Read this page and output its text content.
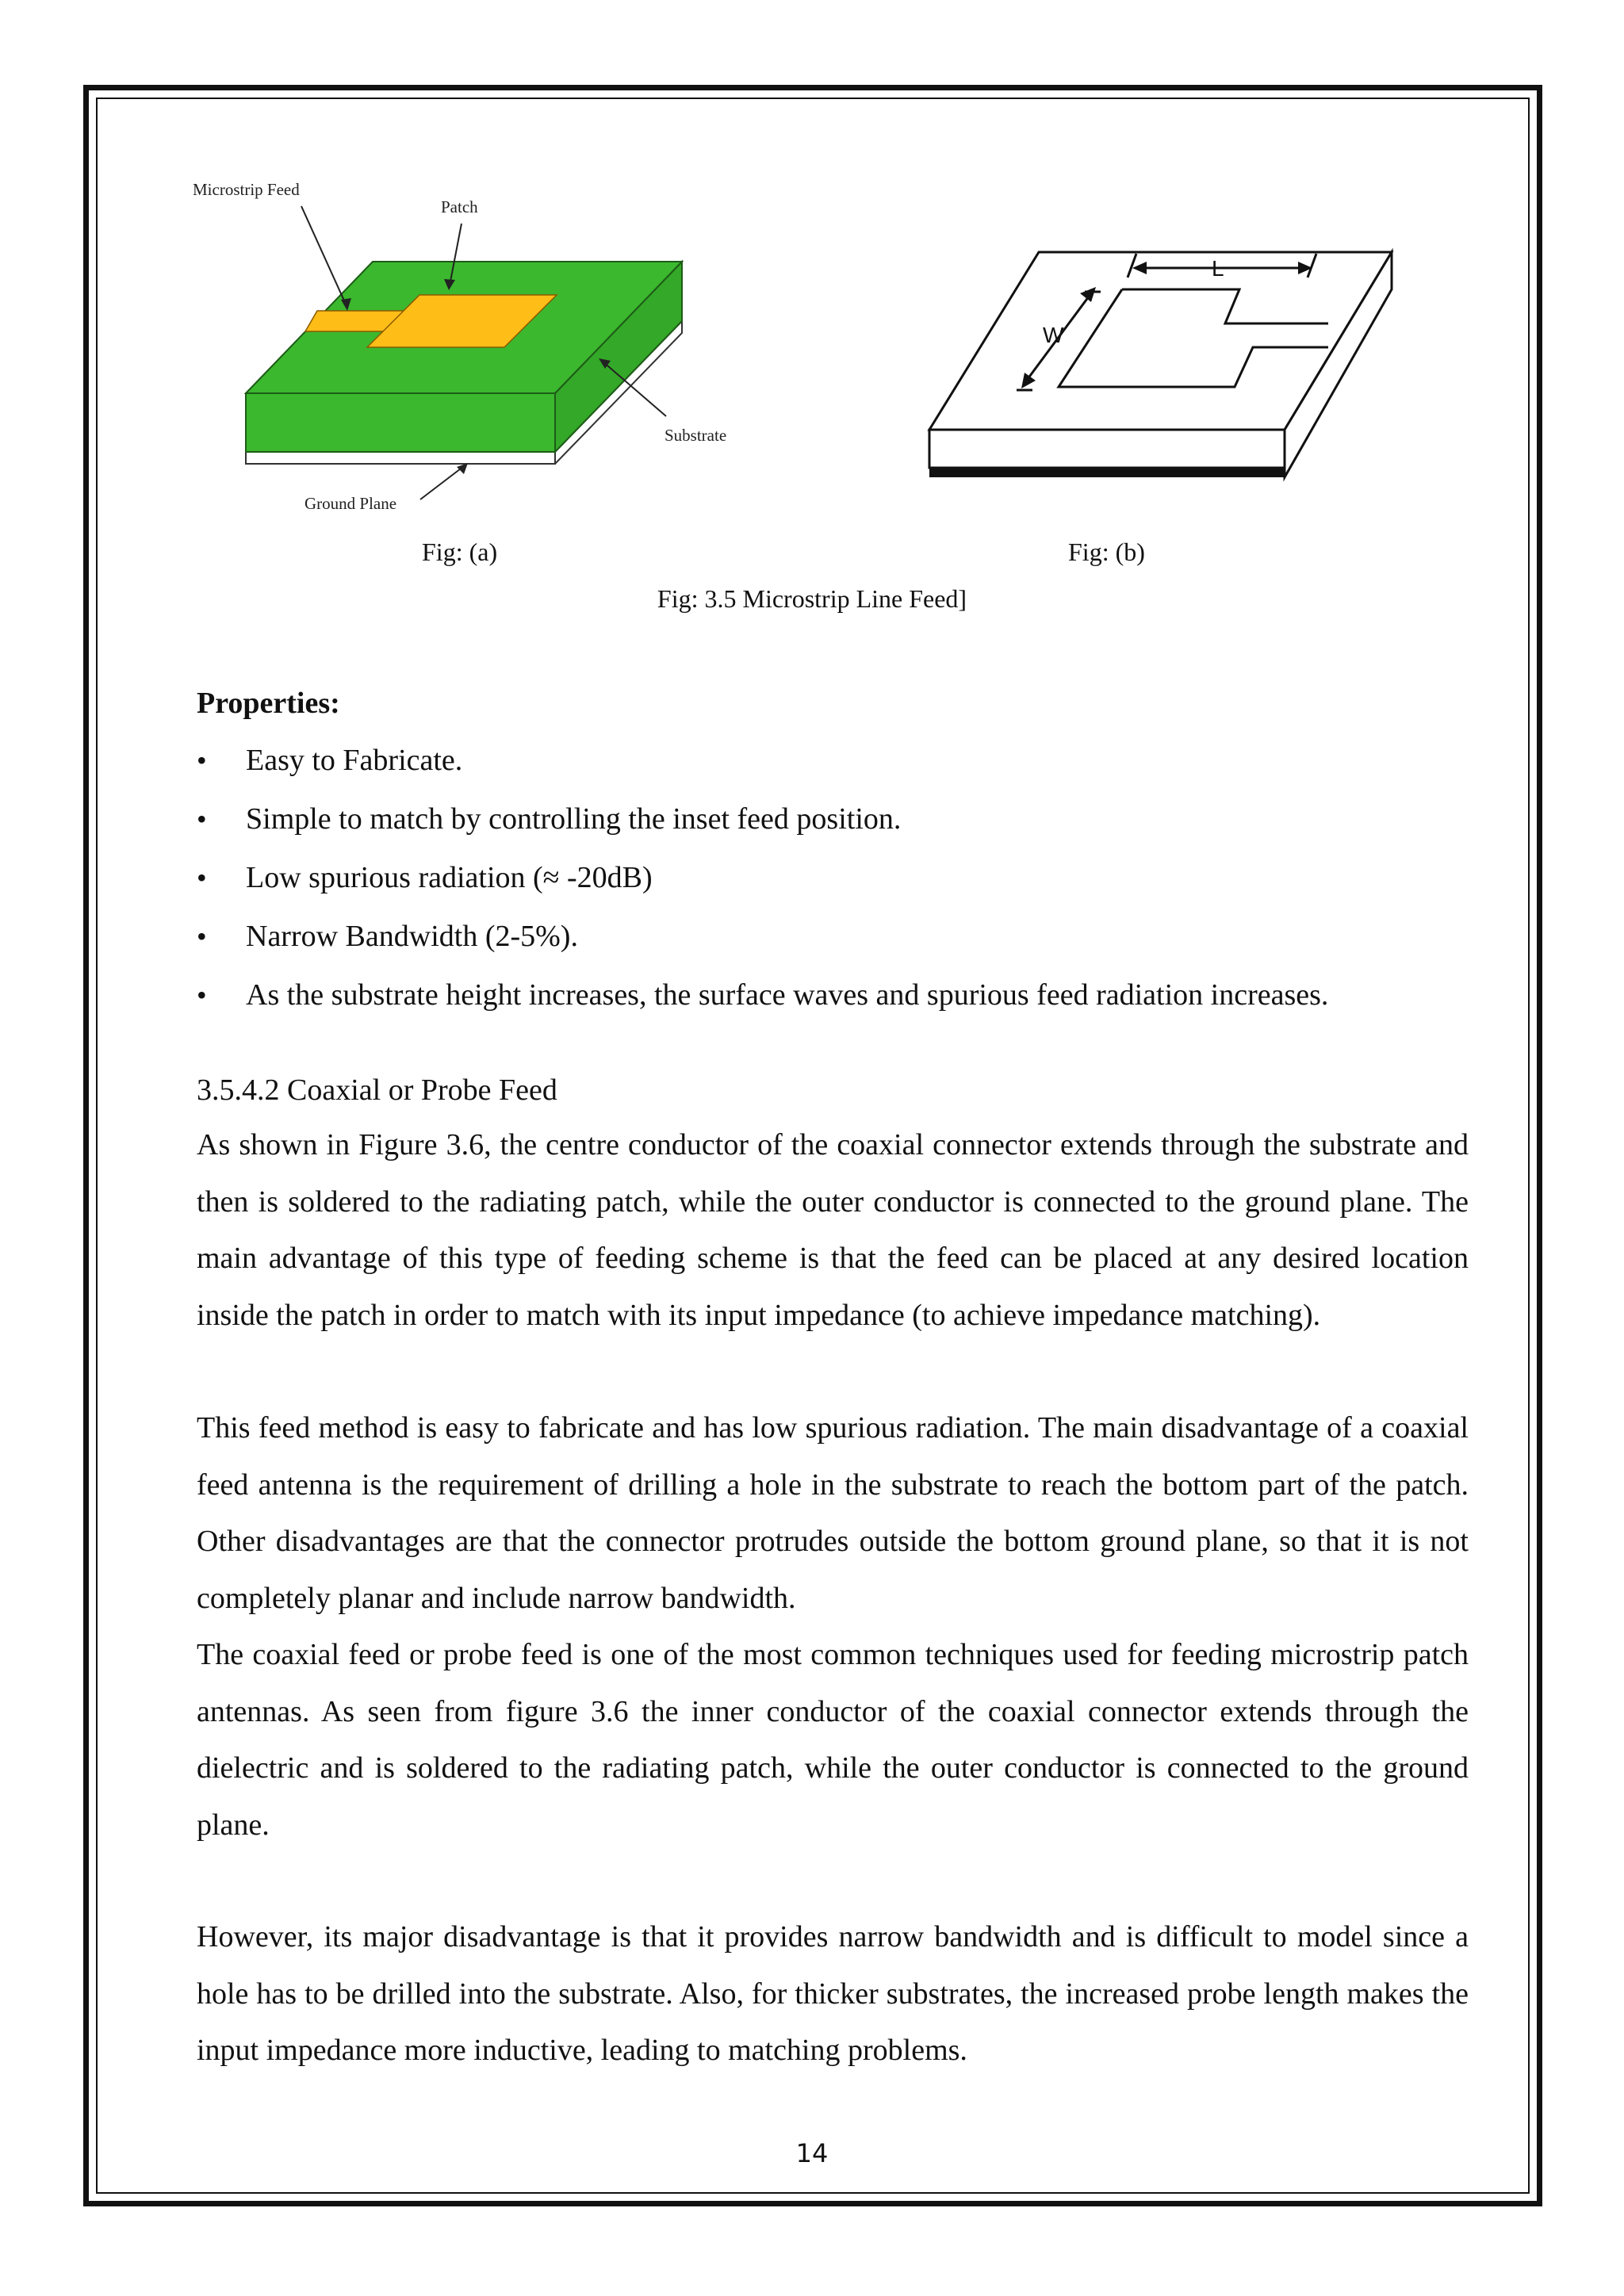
Microstrip Feed
Patch
Substrate
Ground Plane
L
W
Fig: (a)	Fig: (b)
Fig: 3.5 Microstrip Line Feed]
Properties:
• Easy to Fabricate.
• Simple to match by controlling the inset feed position.
• Low spurious radiation (≈ -20dB)
• Narrow Bandwidth (2-5%).
• As the substrate height increases, the surface waves and spurious feed radiation increases.
3.5.4.2 Coaxial or Probe Feed

As shown in Figure 3.6, the centre conductor of the coaxial connector extends through the substrate and then is soldered to the radiating patch, while the outer conductor is connected to the ground plane. The main advantage of this type of feeding scheme is that the feed can be placed at any desired location inside the patch in order to match with its input impedance (to achieve impedance matching).

This feed method is easy to fabricate and has low spurious radiation. The main disadvantage of a coaxial feed antenna is the requirement of drilling a hole in the substrate to reach the bottom part of the patch. Other disadvantages are that the connector protrudes outside the bottom ground plane, so that it is not completely planar and include narrow bandwidth.

The coaxial feed or probe feed is one of the most common techniques used for feeding microstrip patch antennas. As seen from figure 3.6 the inner conductor of the coaxial connector extends through the dielectric and is soldered to the radiating patch, while the outer conductor is connected to the ground plane.

However, its major disadvantage is that it provides narrow bandwidth and is difficult to model since a hole has to be drilled into the substrate. Also, for thicker substrates, the increased probe length makes the input impedance more inductive, leading to matching problems.

14
